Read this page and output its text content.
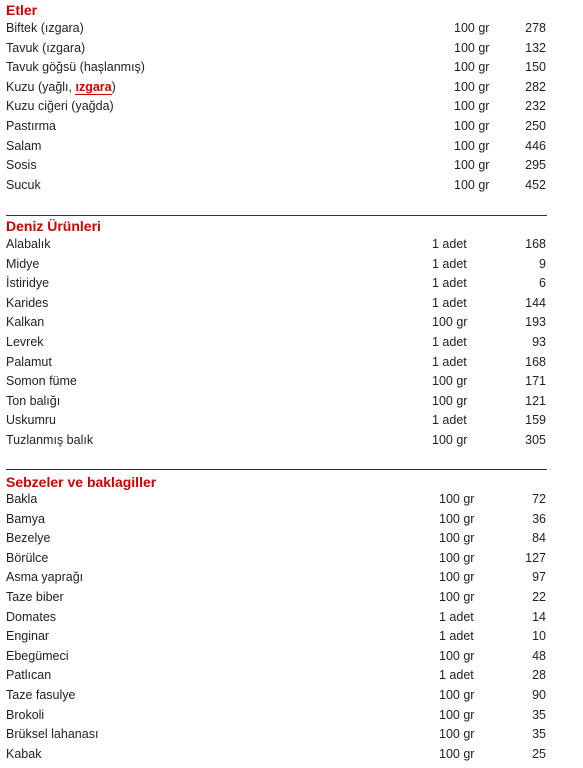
Etler
Biftek (ızgara)	100 gr	278
Tavuk (ızgara)	100 gr	132
Tavuk göğsü (haşlanmış)	100 gr	150
Kuzu (yağlı, ızgara)	100 gr	282
Kuzu ciğeri (yağda)	100 gr	232
Pastırma	100 gr	250
Salam	100 gr	446
Sosis	100 gr	295
Sucuk	100 gr	452
Deniz Ürünleri
Alabalık	1 adet	168
Midye	1 adet	9
İstiridye	1 adet	6
Karides	1 adet	144
Kalkan	100 gr	193
Levrek	1 adet	93
Palamut	1 adet	168
Somon füme	100 gr	171
Ton balığı	100 gr	121
Uskumru	1 adet	159
Tuzlanmış balık	100 gr	305
Sebzeler ve baklagiller
Bakla	100 gr	72
Bamya	100 gr	36
Bezelye	100 gr	84
Börülce	100 gr	127
Asma yaprağı	100 gr	97
Taze biber	100 gr	22
Domates	1 adet	14
Enginar	1 adet	10
Ebegümeci	100 gr	48
Patlıcan	1 adet	28
Taze fasulye	100 gr	90
Brokoli	100 gr	35
Brüksel lahanası	100 gr	35
Kabak	100 gr	25
